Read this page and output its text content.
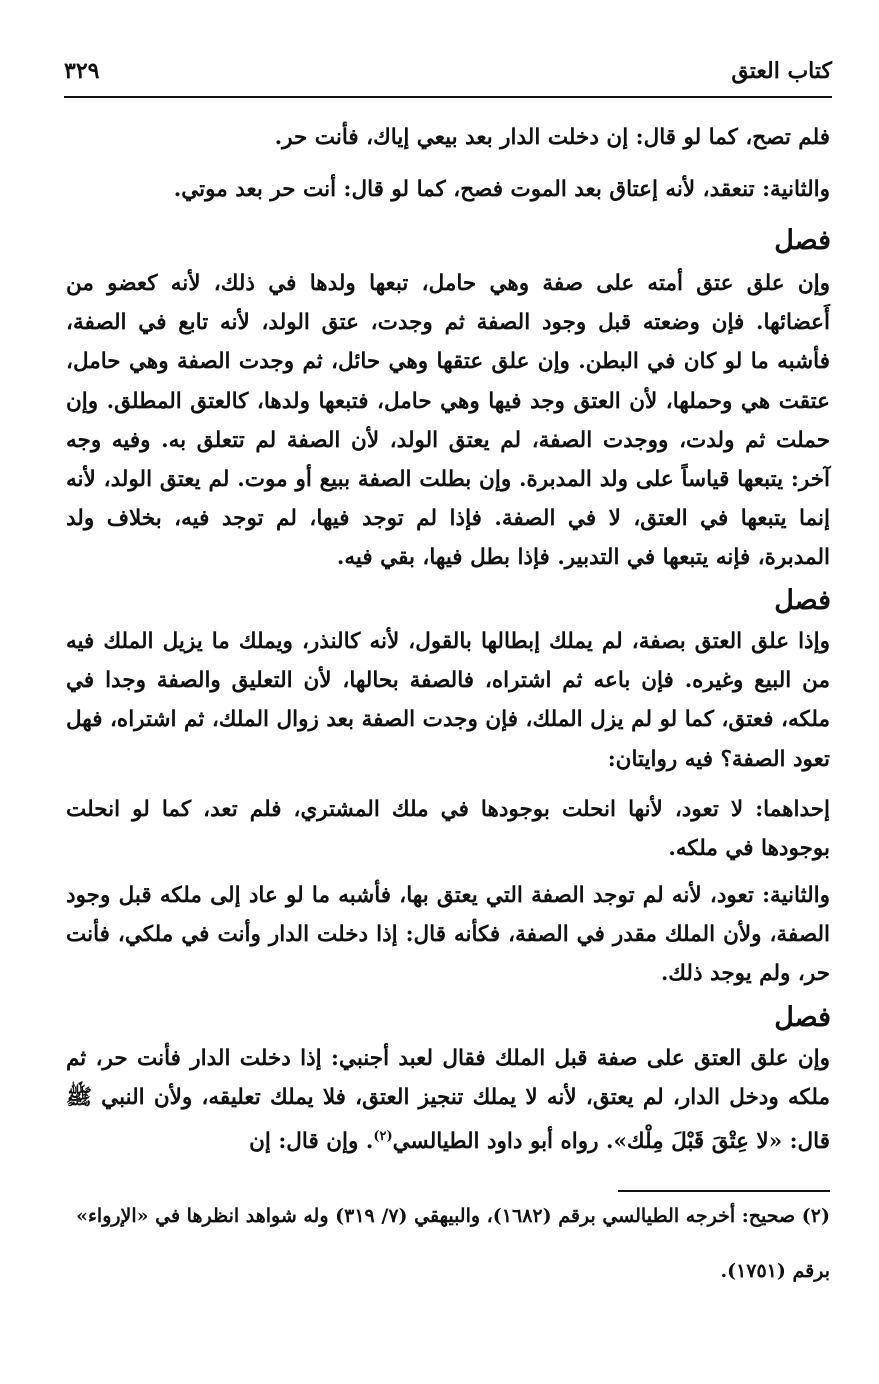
كتاب العتق
٣٢٩
فلم تصح، كما لو قال: إن دخلت الدار بعد بيعي إياك، فأنت حر.
والثانية: تنعقد، لأنه إعتاق بعد الموت فصح، كما لو قال: أنت حر بعد موتي.
فصل
وإن علق عتق أمته على صفة وهي حامل، تبعها ولدها في ذلك، لأنه كعضو من أَعضائها. فإن وضعته قبل وجود الصفة ثم وجدت، عتق الولد، لأنه تابع في الصفة، فأشبه ما لو كان في البطن. وإن علق عتقها وهي حائل، ثم وجدت الصفة وهي حامل، عتقت هي وحملها، لأن العتق وجد فيها وهي حامل، فتبعها ولدها، كالعتق المطلق. وإن حملت ثم ولدت، ووجدت الصفة، لم يعتق الولد، لأن الصفة لم تتعلق به. وفيه وجه آخر: يتبعها قياساً على ولد المدبرة. وإن بطلت الصفة ببيع أو موت. لم يعتق الولد، لأنه إنما يتبعها في العتق، لا في الصفة. فإذا لم توجد فيها، لم توجد فيه، بخلاف ولد المدبرة، فإنه يتبعها في التدبير. فإذا بطل فيها، بقي فيه.
فصل
وإذا علق العتق بصفة، لم يملك إبطالها بالقول، لأنه كالنذر، ويملك ما يزيل الملك فيه من البيع وغيره. فإن باعه ثم اشتراه، فالصفة بحالها، لأن التعليق والصفة وجدا في ملكه، فعتق، كما لو لم يزل الملك، فإن وجدت الصفة بعد زوال الملك، ثم اشتراه، فهل تعود الصفة؟ فيه روايتان:
إحداهما: لا تعود، لأنها انحلت بوجودها في ملك المشتري، فلم تعد، كما لو انحلت بوجودها في ملكه.
والثانية: تعود، لأنه لم توجد الصفة التي يعتق بها، فأشبه ما لو عاد إلى ملكه قبل وجود الصفة، ولأن الملك مقدر في الصفة، فكأنه قال: إذا دخلت الدار وأنت في ملكي، فأنت حر، ولم يوجد ذلك.
فصل
وإن علق العتق على صفة قبل الملك فقال لعبد أجنبي: إذا دخلت الدار فأنت حر، ثم ملكه ودخل الدار، لم يعتق، لأنه لا يملك تنجيز العتق، فلا يملك تعليقه، ولأن النبي ﷺ قال: «لا عِتْقَ قَبْلَ مِلْك». رواه أبو داود الطيالسي$^{(٢)}$. وإن قال: إن
(٢) صحيح: أخرجه الطيالسي برقم (١٦٨٢)، والبيهقي (٧/ ٣١٩) وله شواهد انظرها في «الإرواء»
برقم (١٧٥١).
